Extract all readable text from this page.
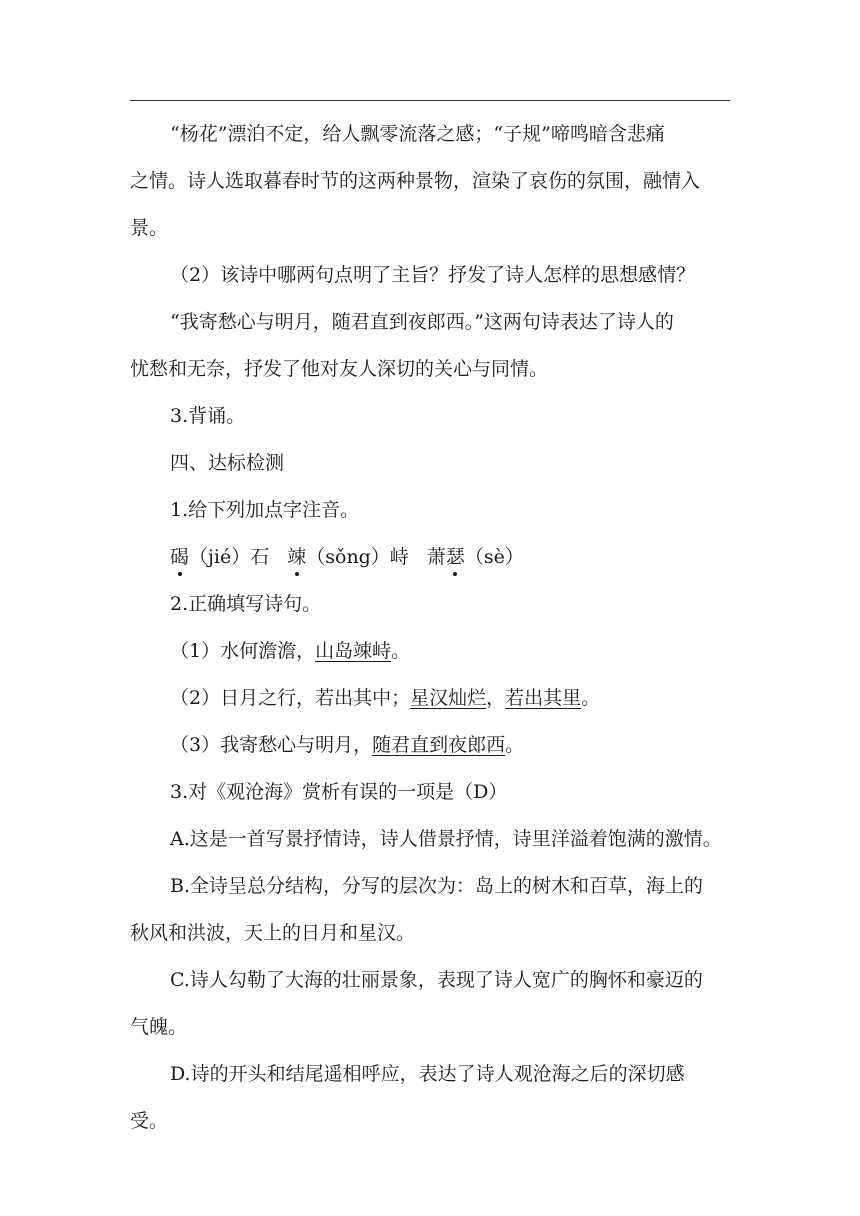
“杨花”漂泊不定，给人飘零流落之感；“子规”啼鸣暗含悲痛
之情。诗人选取暮春时节的这两种景物，渲染了哀伤的氛围，融情入
景。
（2）该诗中哪两句点明了主旨？抒发了诗人怎样的思想感情？
“我寄愁心与明月，随君直到夜郎西。”这两句诗表达了诗人的
忧愁和无奈，抒发了他对友人深切的关心与同情。
3.背诵。
四、达标检测
1.给下列加点字注音。
碣（jié）石 竦（sǒng）峙 萧瑟（sè）
2.正确填写诗句。
（1）水何澹澹，山岛竦峙。
（2）日月之行，若出其中；星汉灿烂，若出其里。
（3）我寄愁心与明月，随君直到夜郎西。
3.对《观沧海》赏析有误的一项是（D）
A.这是一首写景抒情诗，诗人借景抒情，诗里洋溢着饱满的激情。
B.全诗呈总分结构，分写的层次为：岛上的树木和百草，海上的
秋风和洪波，天上的日月和星汉。
C.诗人勾勒了大海的壮丽景象，表现了诗人宽广的胸怀和豪迈的
气魄。
D.诗的开头和结尾遥相呼应，表达了诗人观沧海之后的深切感
受。
